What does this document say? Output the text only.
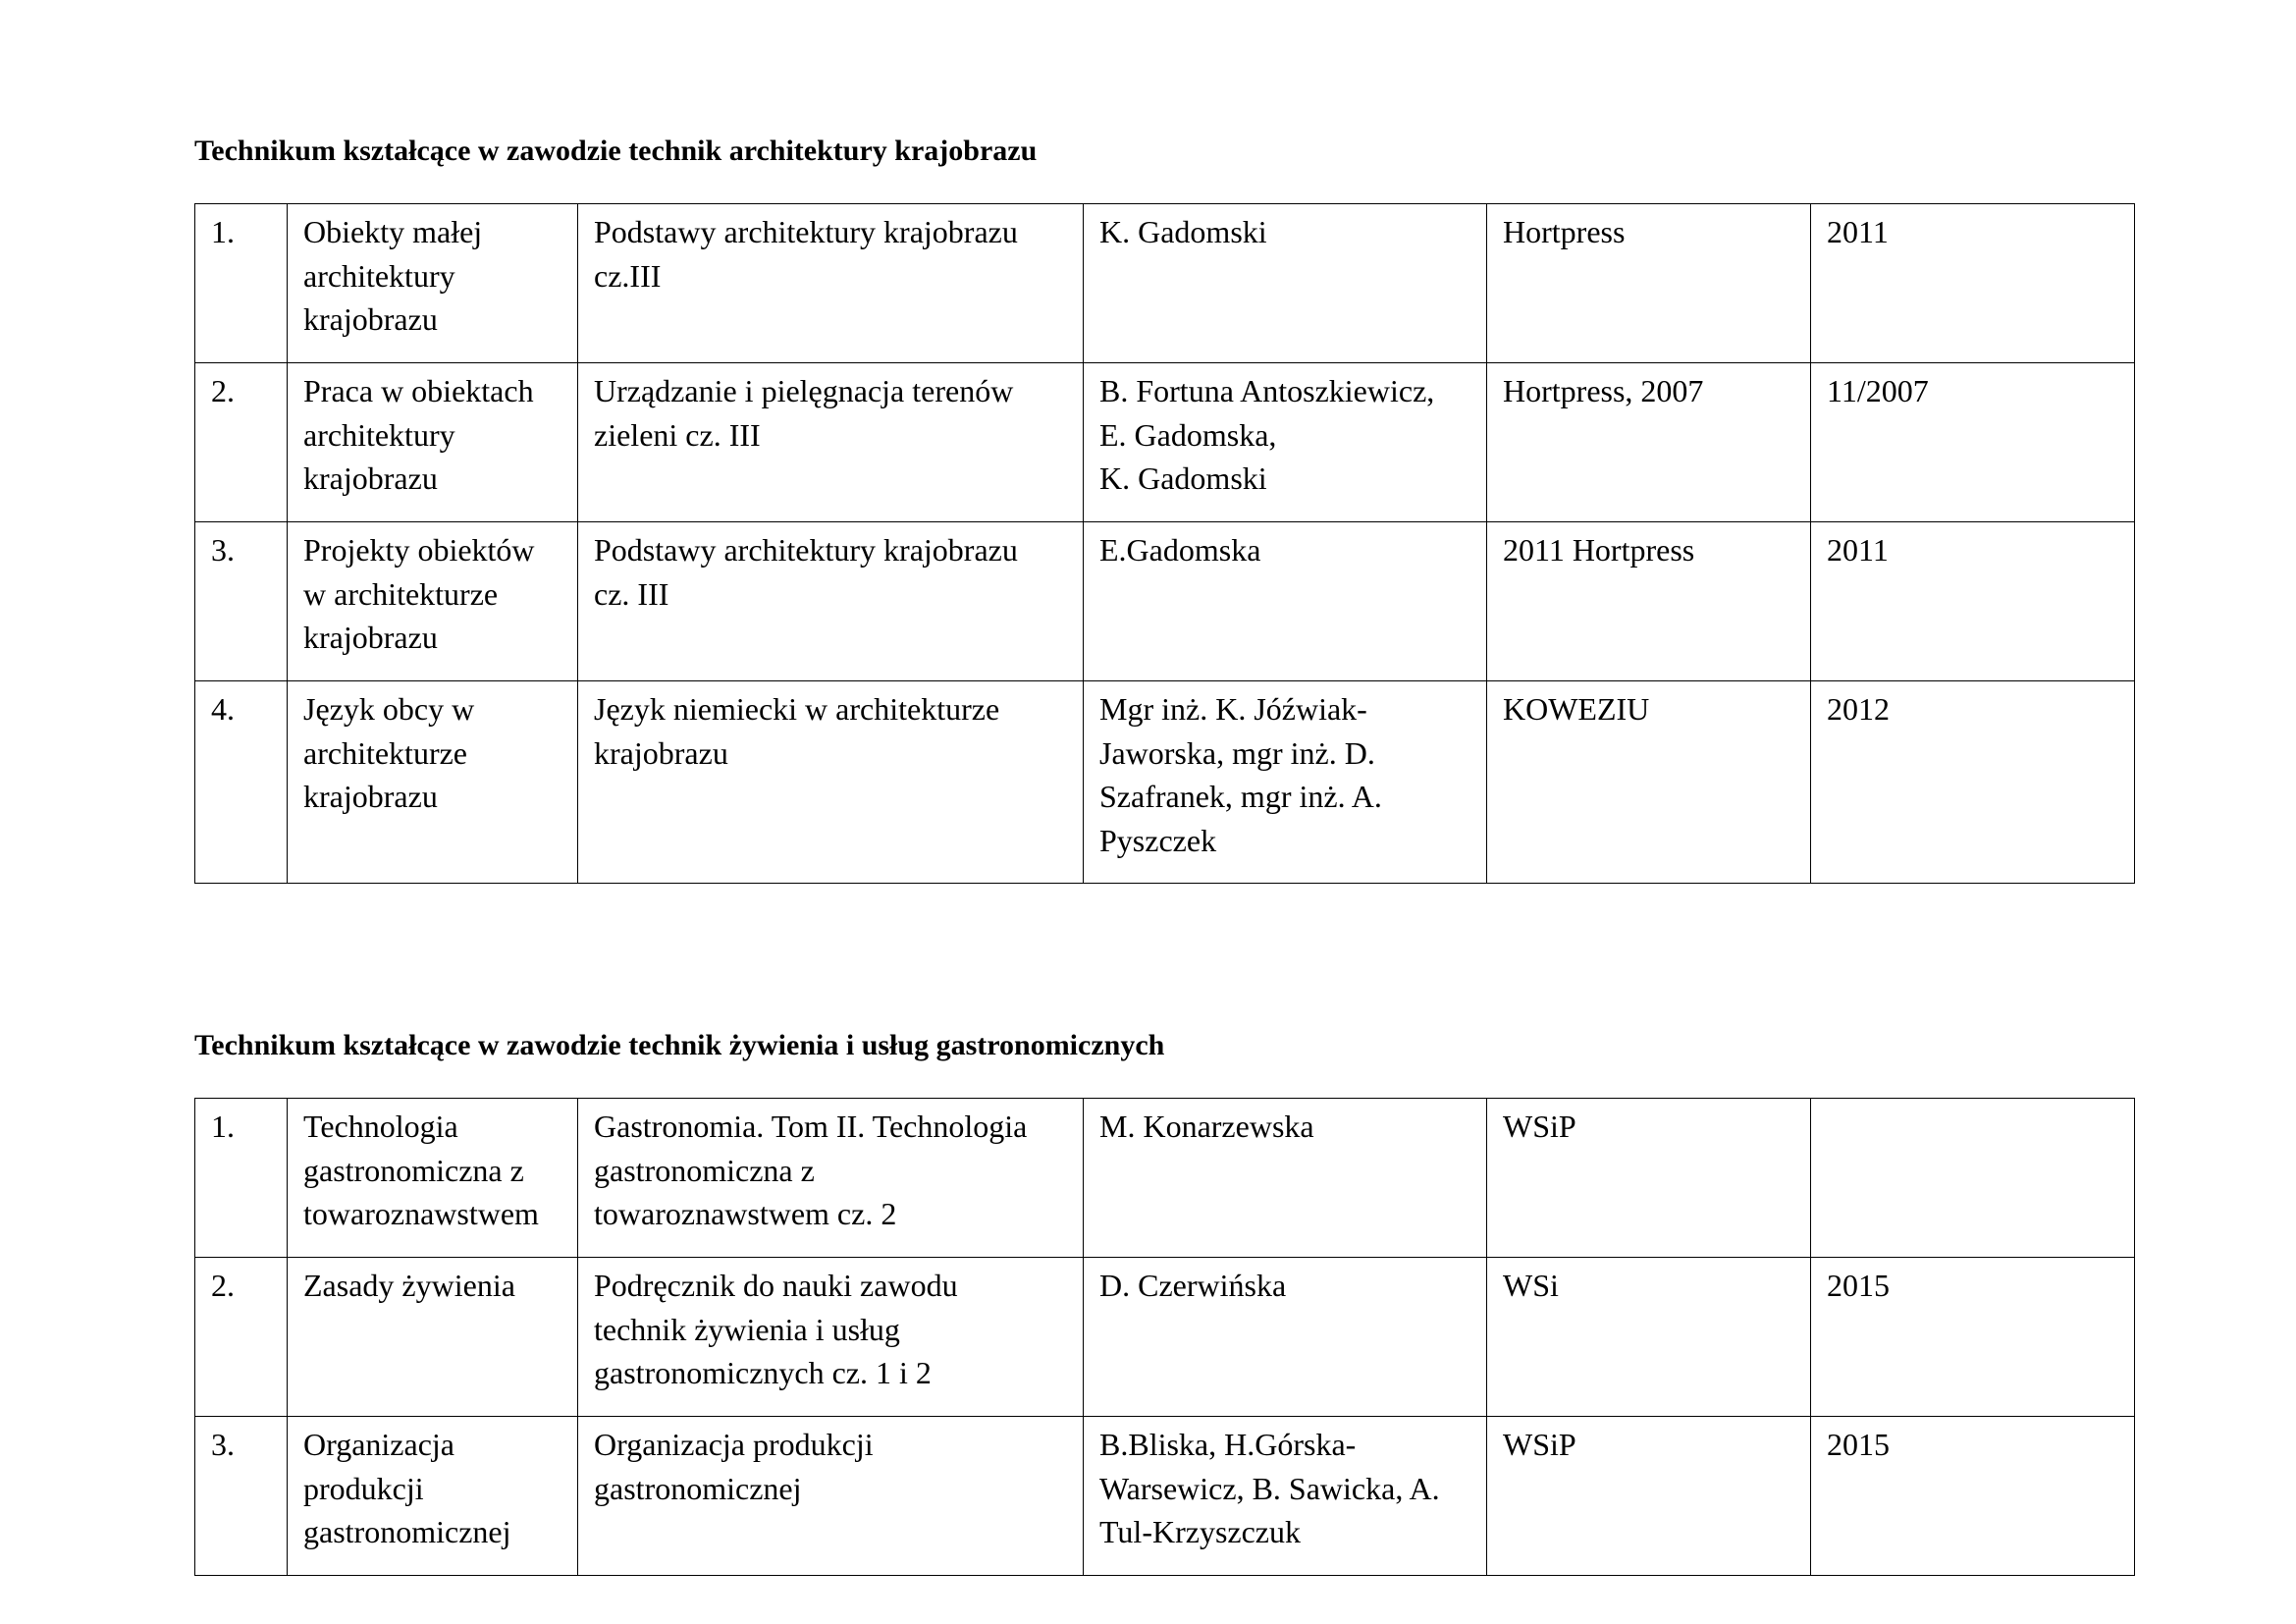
Technikum kształcące w zawodzie technik architektury krajobrazu
1.	Obiekty małej
architektury
krajobrazu	Podstawy architektury krajobrazu
cz.III	K. Gadomski	Hortpress	2011
2.	Praca w obiektach
architektury
krajobrazu	Urządzanie i pielęgnacja terenów
zieleni cz. III	B. Fortuna Antoszkiewicz,
E. Gadomska,
K. Gadomski	Hortpress, 2007	11/2007
3.	Projekty obiektów
w architekturze
krajobrazu	Podstawy architektury krajobrazu
cz. III	E.Gadomska	2011 Hortpress	2011
4.	Język obcy w
architekturze
krajobrazu	Język niemiecki w architekturze
krajobrazu	Mgr inż. K. Jóźwiak-
Jaworska, mgr inż. D.
Szafranek, mgr inż. A.
Pyszczek	KOWEZIU	2012
Technikum kształcące w zawodzie technik żywienia i usług gastronomicznych
1.	Technologia
gastronomiczna z
towaroznawstwem	Gastronomia. Tom II. Technologia
gastronomiczna z
towaroznawstwem cz. 2	M. Konarzewska	WSiP	
2.	Zasady żywienia	Podręcznik do nauki zawodu
technik żywienia i usług
gastronomicznych cz. 1 i 2	D. Czerwińska	WSi	2015
3.	Organizacja
produkcji
gastronomicznej	Organizacja produkcji
gastronomicznej	B.Bliska, H.Górska-
Warsewicz, B. Sawicka, A.
Tul-Krzyszczuk	WSiP	2015
